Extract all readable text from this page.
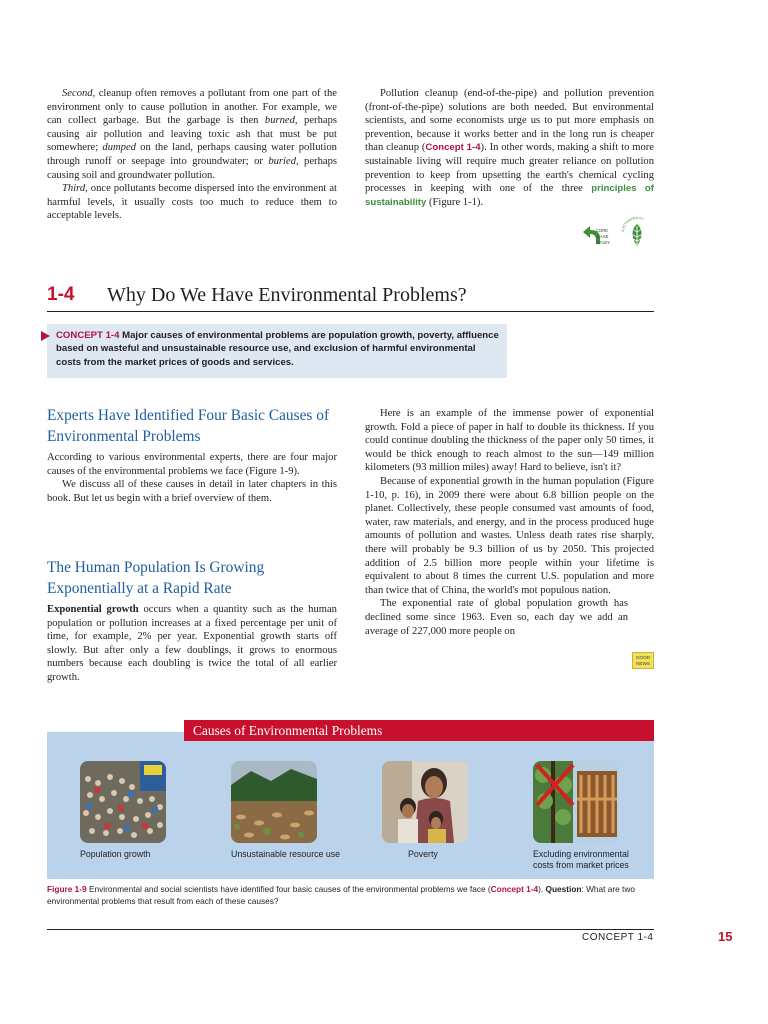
Second, cleanup often removes a pollutant from one part of the environment only to cause pollution in another. For example, we can collect garbage. But the garbage is then burned, perhaps causing air pollution and leaving toxic ash that must be put somewhere; dumped on the land, perhaps causing water pollution through runoff or seepage into groundwater; or buried, perhaps causing soil and groundwater pollution.

Third, once pollutants become dispersed into the environment at harmful levels, it usually costs too much to reduce them to acceptable levels.

Pollution cleanup (end-of-the-pipe) and pollution prevention (front-of-the-pipe) solutions are both needed. But environmental scientists, and some economists urge us to put more emphasis on prevention, because it works better and in the long run is cheaper than cleanup (Concept 1-4). In other words, making a shift to more sustainable living will require much greater reliance on pollution prevention to keep from upsetting the earth's chemical cycling processes in keeping with one of the three principles of sustainability (Figure 1-1).

CORE
CASE
STUDY
SUSTAINABILITY
1-4 Why Do We Have Environmental Problems?
CONCEPT 1-4 Major causes of environmental problems are population growth, poverty, affluence based on wasteful and unsustainable resource use, and exclusion of harmful environmental costs from the market prices of goods and services.
Experts Have Identified Four Basic Causes of Environmental Problems

According to various environmental experts, there are four major causes of the environmental problems we face (Figure 1-9).

We discuss all of these causes in detail in later chapters in this book. But let us begin with a brief overview of them.

The Human Population Is Growing Exponentially at a Rapid Rate

Exponential growth occurs when a quantity such as the human population or pollution increases at a fixed percentage per unit of time, for example, 2% per year. Exponential growth starts off slowly. But after only a few doublings, it grows to enormous numbers because each doubling is twice the total of all earlier growth.

Here is an example of the immense power of exponential growth. Fold a piece of paper in half to double its thickness. If you could continue doubling the thickness of the paper only 50 times, it would be thick enough to reach almost to the sun—149 million kilometers (93 million miles) away! Hard to believe, isn't it?

Because of exponential growth in the human population (Figure 1-10, p. 16), in 2009 there were about 6.8 billion people on the planet. Collectively, these people consumed vast amounts of food, water, raw materials, and energy, and in the process produced huge amounts of pollution and wastes. Unless death rates rise sharply, there will probably be 9.3 billion of us by 2050. This projected addition of 2.5 billion more people within your lifetime is equivalent to about 8 times the current U.S. population and more than twice that of China, the world's mot populous nation.

The exponential rate of global population growth has declined some since 1963. Even so, each day we add an average of 227,000 more people on

GOOD NEWS
Population growth	Unsustainable resource use	Poverty	Excluding environmental costs from market prices
Causes of Environmental Problems
Figure 1-9 Environmental and social scientists have identified four basic causes of the environmental problems we face (Concept 1-4). Question: What are two environmental problems that result from each of these causes?
CONCEPT 1-4	15
